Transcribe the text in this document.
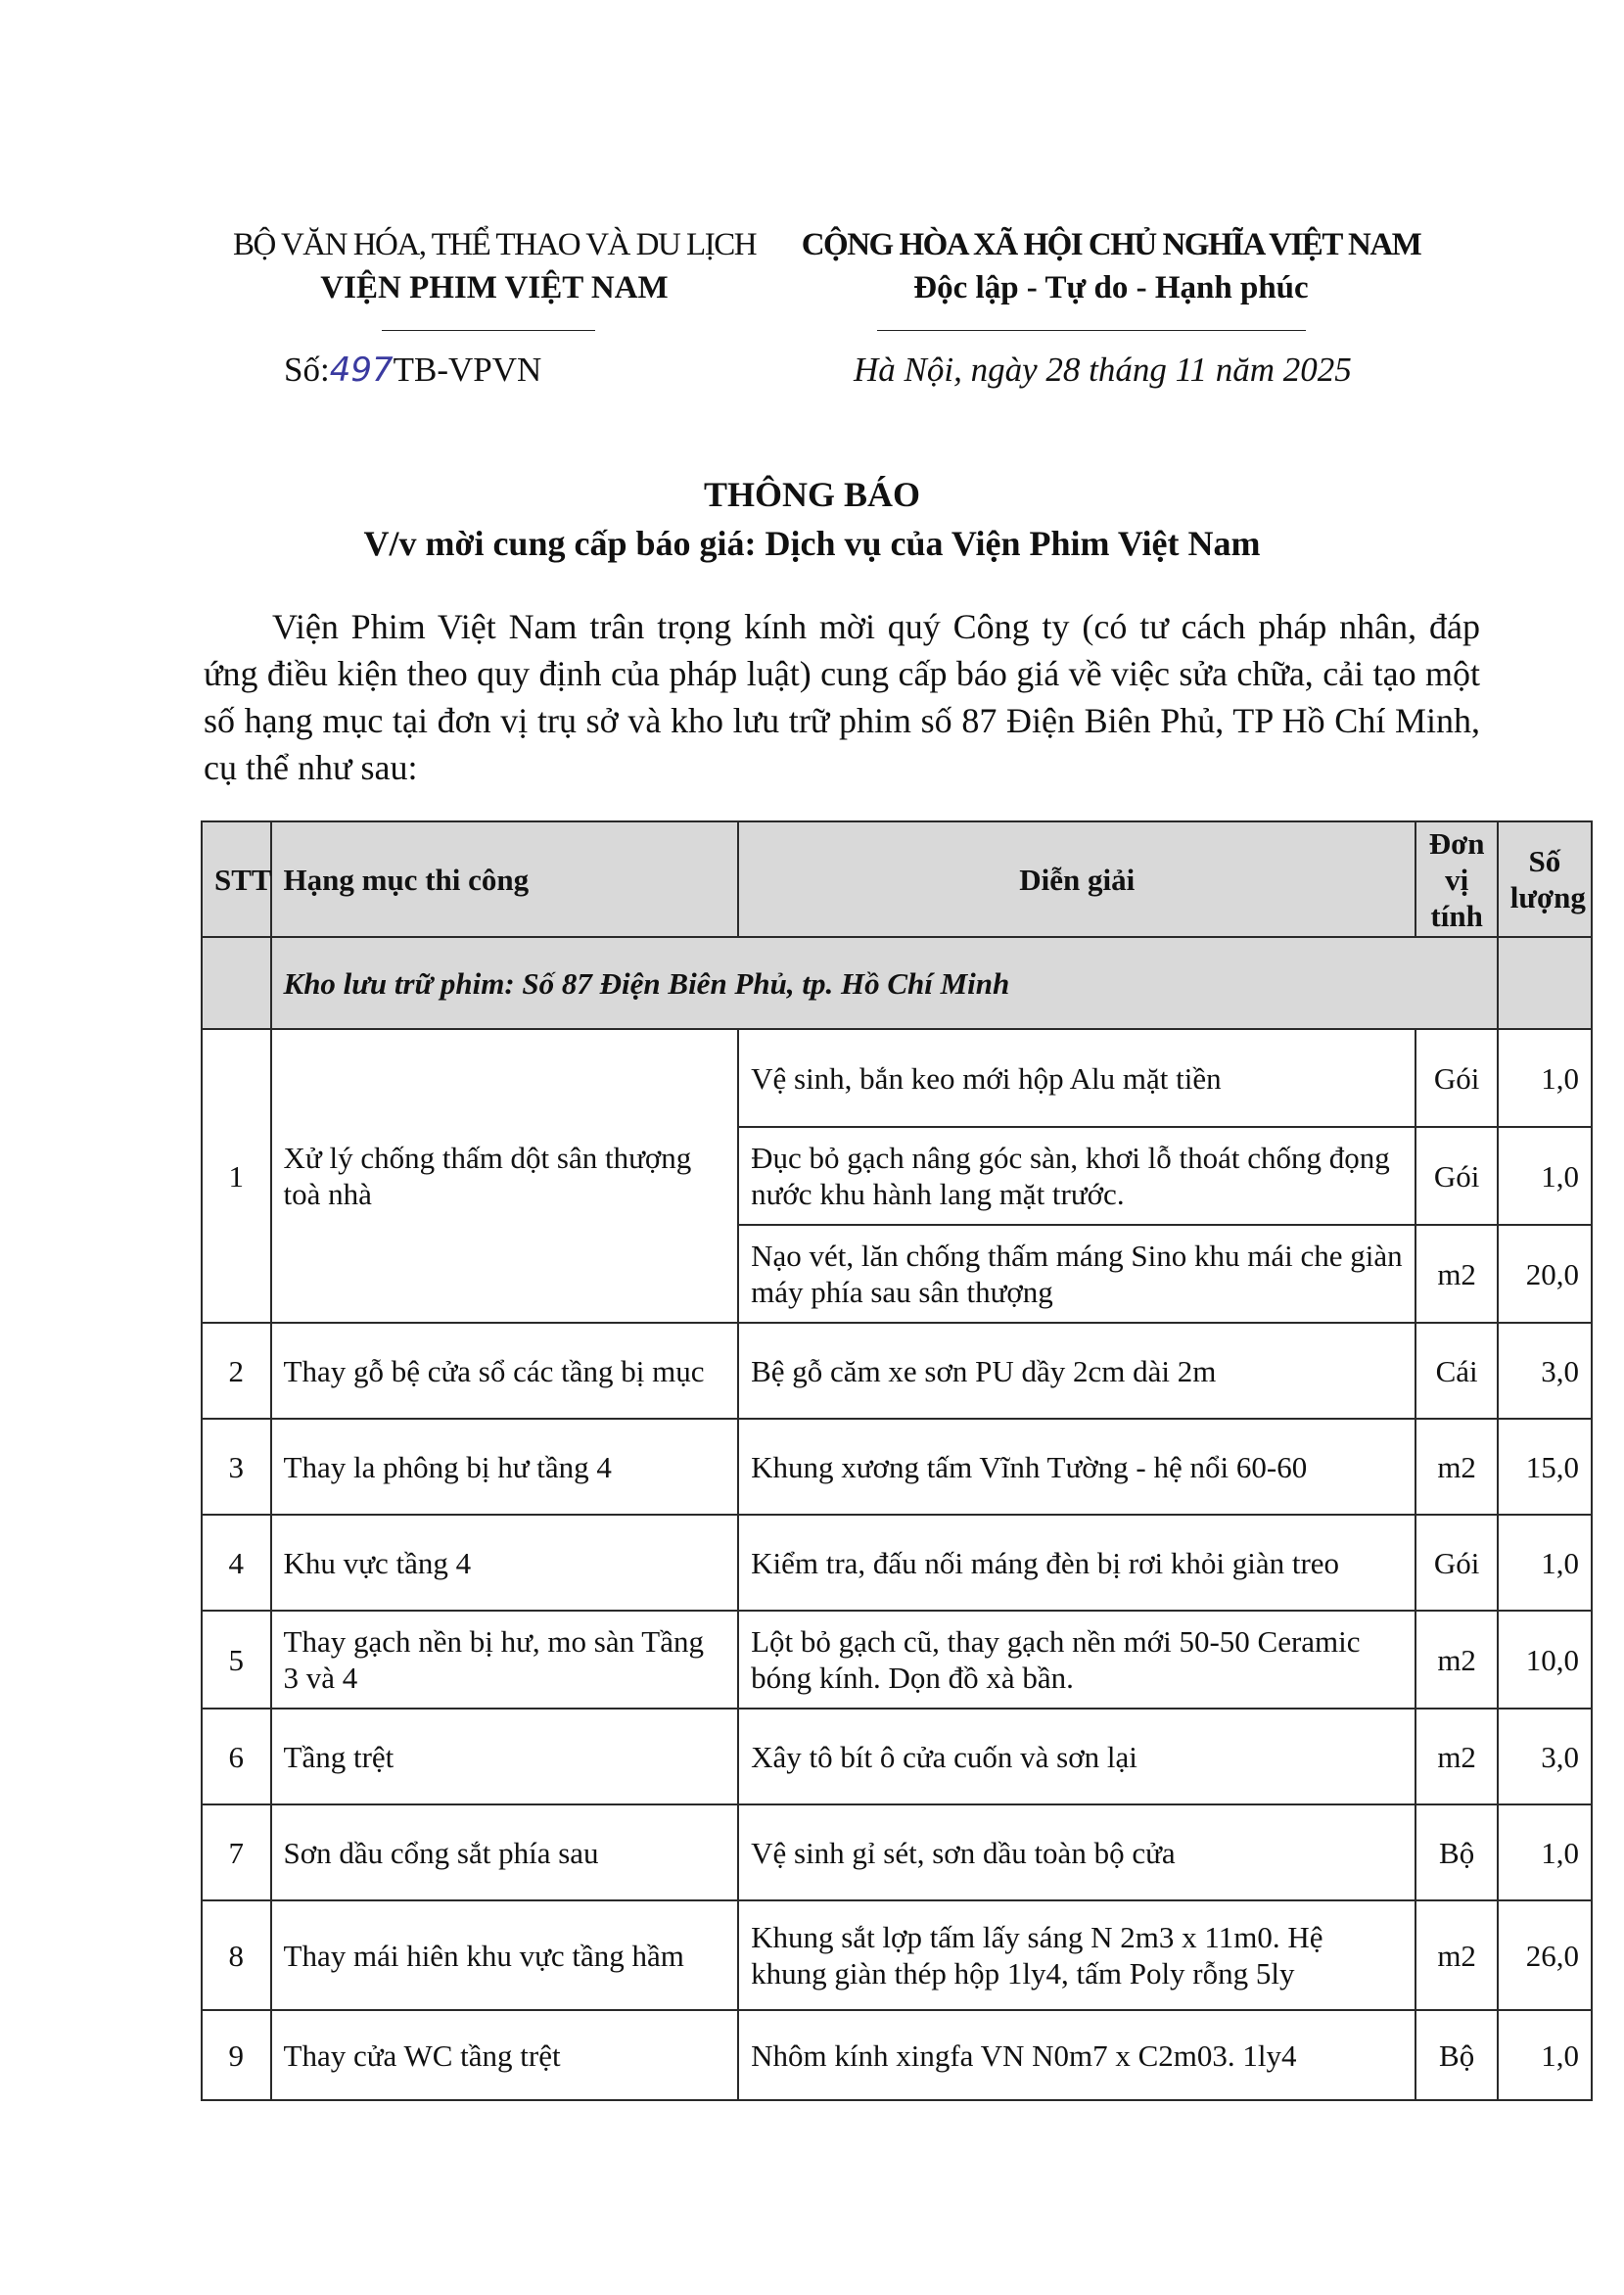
BỘ VĂN HÓA, THỂ THAO VÀ DU LỊCH
VIỆN PHIM VIỆT NAM
CỘNG HÒA XÃ HỘI CHỦ NGHĨA VIỆT NAM
Độc lập - Tự do - Hạnh phúc
Số:497TB-VPVN	Hà Nội, ngày 28 tháng 11 năm 2025
THÔNG BÁO
V/v mời cung cấp báo giá: Dịch vụ của Viện Phim Việt Nam
Viện Phim Việt Nam trân trọng kính mời quý Công ty (có tư cách pháp nhân, đáp ứng điều kiện theo quy định của pháp luật) cung cấp báo giá về việc sửa chữa, cải tạo một số hạng mục tại đơn vị trụ sở và kho lưu trữ phim số 87 Điện Biên Phủ, TP Hồ Chí Minh, cụ thể như sau:
STT	Hạng mục thi công	Diễn giải	Đơn vị tính	Số lượng
	Kho lưu trữ phim: Số 87 Điện Biên Phủ, tp. Hồ Chí Minh			
1	Xử lý chống thấm dột sân thượng toà nhà	Vệ sinh, bắn keo mới hộp Alu mặt tiền	Gói	1,0
		Đục bỏ gạch nâng góc sàn, khơi lỗ thoát chống đọng nước khu hành lang mặt trước.	Gói	1,0
		Nạo vét, lăn chống thấm máng Sino khu mái che giàn máy phía sau sân thượng	m2	20,0
2	Thay gỗ bệ cửa sổ các tầng bị mục	Bệ gỗ căm xe sơn PU dầy 2cm dài 2m	Cái	3,0
3	Thay la phông bị hư tầng 4	Khung xương tấm Vĩnh Tường - hệ nổi 60-60	m2	15,0
4	Khu vực tầng 4	Kiểm tra, đấu nối máng đèn bị rơi khỏi giàn treo	Gói	1,0
5	Thay gạch nền bị hư, mo sàn Tầng 3 và 4	Lột bỏ gạch cũ, thay gạch nền mới 50-50 Ceramic bóng kính. Dọn đồ xà bần.	m2	10,0
6	Tầng trệt	Xây tô bít ô cửa cuốn và sơn lại	m2	3,0
7	Sơn dầu cổng sắt phía sau	Vệ sinh gỉ sét, sơn dầu toàn bộ cửa	Bộ	1,0
8	Thay mái hiên khu vực tầng hầm	Khung sắt lợp tấm lấy sáng N 2m3 x 11m0. Hệ khung giàn thép hộp 1ly4, tấm Poly rỗng 5ly	m2	26,0
9	Thay cửa WC tầng trệt	Nhôm kính xingfa VN N0m7 x C2m03. 1ly4	Bộ	1,0
